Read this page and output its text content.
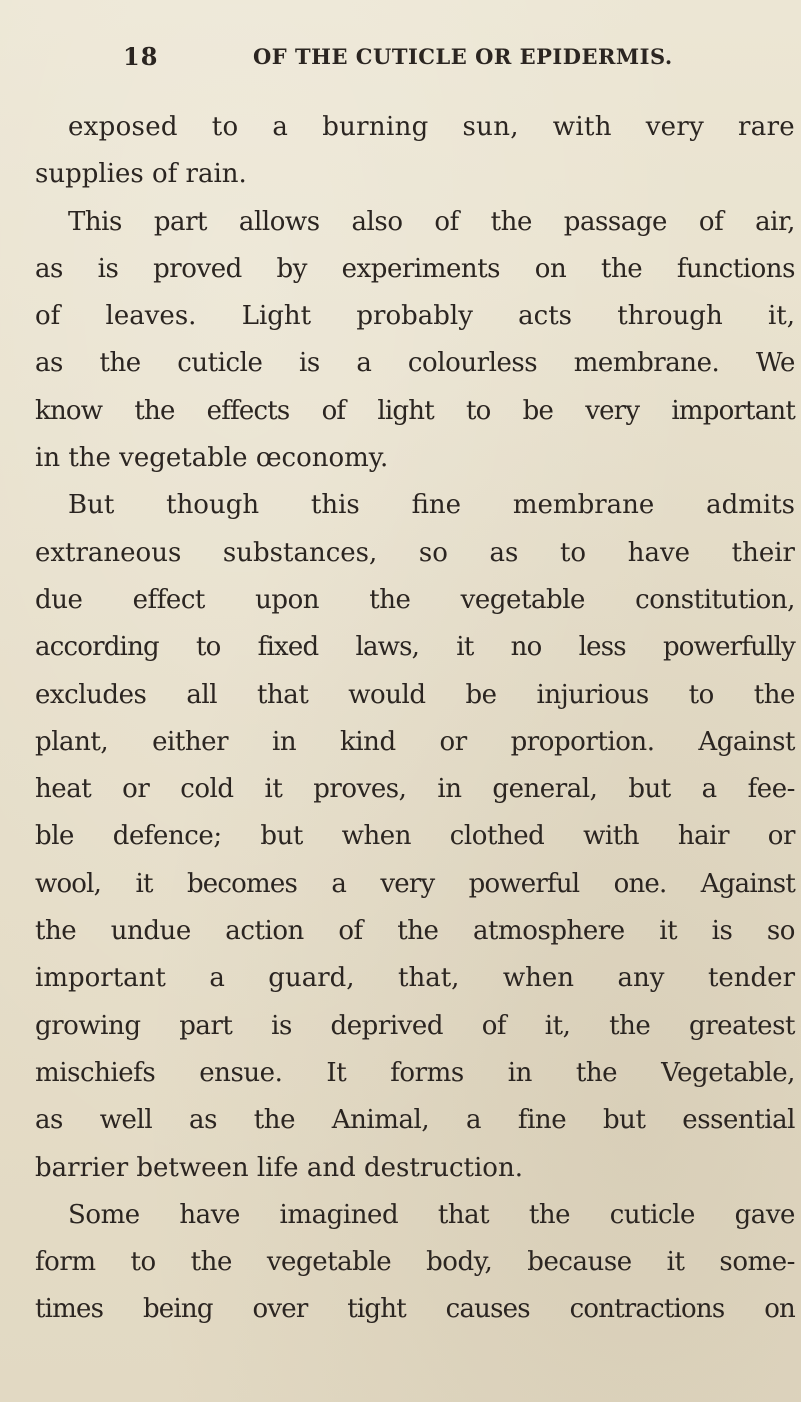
18	OF THE CUTICLE OR EPIDERMIS.
exposed to a burning sun, with very rare
supplies of rain.
This part allows also of the passage of air,
as is proved by experiments on the functions
of leaves. Light probably acts through it,
as the cuticle is a colourless membrane. We
know the effects of light to be very important
in the vegetable œconomy.
But though this fine membrane admits
extraneous substances, so as to have their
due effect upon the vegetable constitution,
according to fixed laws, it no less powerfully
excludes all that would be injurious to the
plant, either in kind or proportion. Against
heat or cold it proves, in general, but a fee-
ble defence; but when clothed with hair or
wool, it becomes a very powerful one. Against
the undue action of the atmosphere it is so
important a guard, that, when any tender
growing part is deprived of it, the greatest
mischiefs ensue. It forms in the Vegetable,
as well as the Animal, a fine but essential
barrier between life and destruction.
Some have imagined that the cuticle gave
form to the vegetable body, because it some-
times being over tight causes contractions on
